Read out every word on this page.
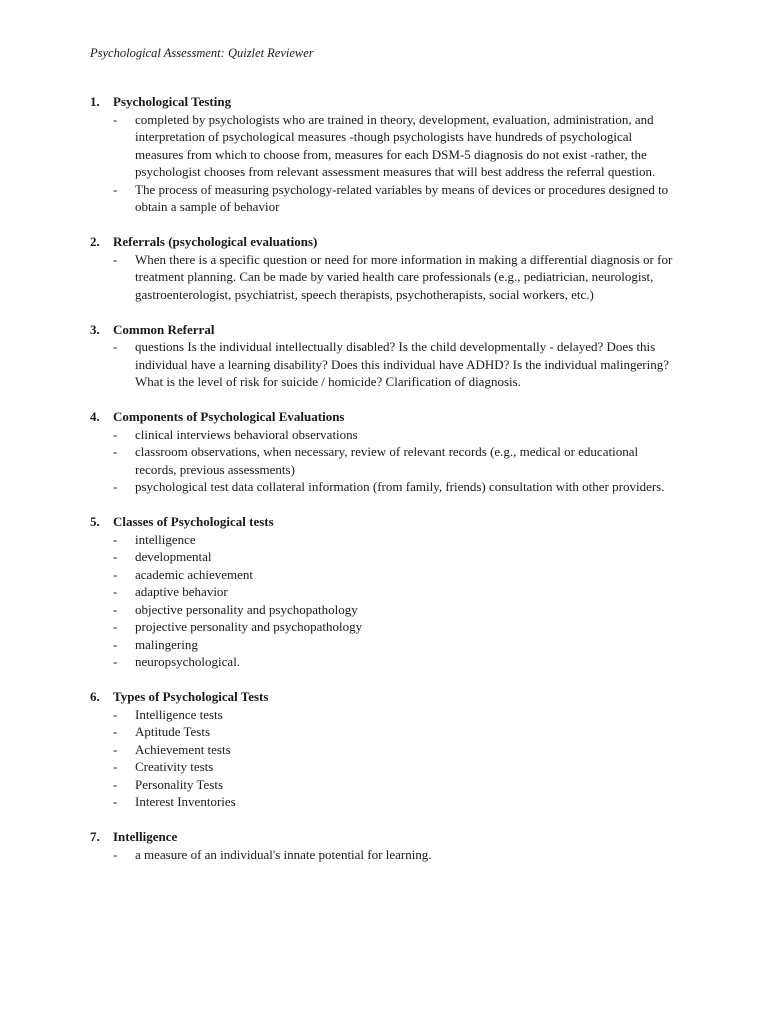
Psychological Assessment: Quizlet Reviewer
1.	Psychological Testing
-	completed by psychologists who are trained in theory, development, evaluation, administration, and interpretation of psychological measures -though psychologists have hundreds of psychological measures from which to choose from, measures for each DSM-5 diagnosis do not exist -rather, the psychologist chooses from relevant assessment measures that will best address the referral question.
-	The process of measuring psychology-related variables by means of devices or procedures designed to obtain a sample of behavior
2.	Referrals (psychological evaluations)
-	When there is a specific question or need for more information in making a differential diagnosis or for treatment planning. Can be made by varied health care professionals (e.g., pediatrician, neurologist, gastroenterologist, psychiatrist, speech therapists, psychotherapists, social workers, etc.)
3.	Common Referral
-	questions Is the individual intellectually disabled? Is the child developmentally - delayed? Does this individual have a learning disability? Does this individual have ADHD? Is the individual malingering? What is the level of risk for suicide / homicide? Clarification of diagnosis.
4.	Components of Psychological Evaluations
-	clinical interviews behavioral observations
-	classroom observations, when necessary, review of relevant records (e.g., medical or educational records, previous assessments)
-	psychological test data collateral information (from family, friends) consultation with other providers.
5.	Classes of Psychological tests
-	intelligence
-	developmental
-	academic achievement
-	adaptive behavior
-	objective personality and psychopathology
-	projective personality and psychopathology
-	malingering
-	neuropsychological.
6.	Types of Psychological Tests
-	Intelligence tests
-	Aptitude Tests
-	Achievement tests
-	Creativity tests
-	Personality Tests
-	Interest Inventories
7.	Intelligence
-	a measure of an individual's innate potential for learning.
